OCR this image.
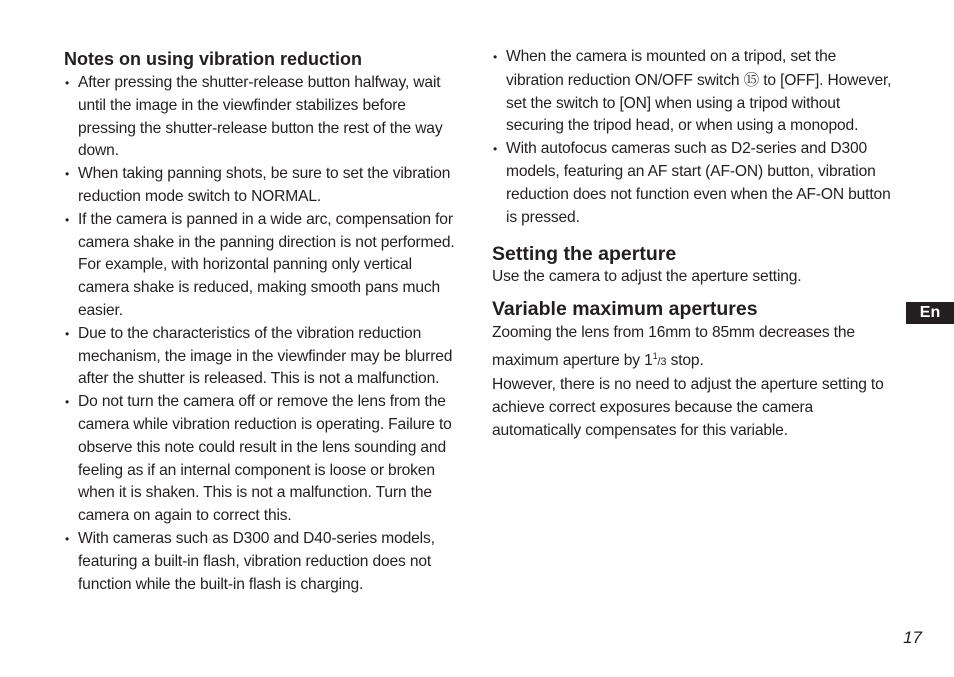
Notes on using vibration reduction
• After pressing the shutter-release button halfway, wait until the image in the viewfinder stabilizes before pressing the shutter-release button the rest of the way down.
• When taking panning shots, be sure to set the vibration reduction mode switch to NORMAL.
• If the camera is panned in a wide arc, compensation for camera shake in the panning direction is not performed. For example, with horizontal panning only vertical camera shake is reduced, making smooth pans much easier.
• Due to the characteristics of the vibration reduction mechanism, the image in the viewfinder may be blurred after the shutter is released. This is not a malfunction.
• Do not turn the camera off or remove the lens from the camera while vibration reduction is operating. Failure to observe this note could result in the lens sounding and feeling as if an internal component is loose or broken when it is shaken. This is not a malfunction. Turn the camera on again to correct this.
• With cameras such as D300 and D40-series models, featuring a built-in flash, vibration reduction does not function while the built-in flash is charging.
• When the camera is mounted on a tripod, set the vibration reduction ON/OFF switch ⑮ to [OFF]. However, set the switch to [ON] when using a tripod without securing the tripod head, or when using a monopod.
• With autofocus cameras such as D2-series and D300 models, featuring an AF start (AF-ON) button, vibration reduction does not function even when the AF-ON button is pressed.
Setting the aperture

Use the camera to adjust the aperture setting.

Variable maximum apertures

Zooming the lens from 16mm to 85mm decreases the maximum aperture by $1^1/3$ stop.

However, there is no need to adjust the aperture setting to achieve correct exposures because the camera automatically compensates for this variable.

En
17
